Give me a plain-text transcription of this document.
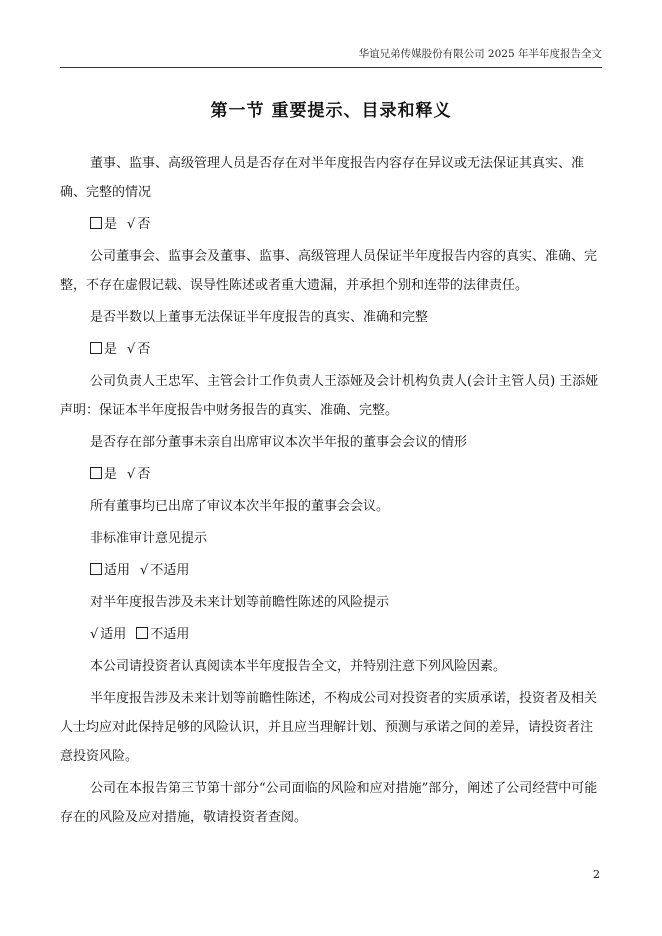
华谊兄弟传媒股份有限公司 2025 年半年度报告全文
第一节 重要提示、目录和释义

董事、监事、高级管理人员是否存在对半年度报告内容存在异议或无法保证其真实、准确、完整的情况

是 √ 否

公司董事会、监事会及董事、监事、高级管理人员保证半年度报告内容的真实、准确、完整，不存在虚假记载、误导性陈述或者重大遗漏，并承担个别和连带的法律责任。

是否半数以上董事无法保证半年度报告的真实、准确和完整

是 √ 否

公司负责人王忠军、主管会计工作负责人王添娅及会计机构负责人(会计主管人员) 王添娅声明：保证本半年度报告中财务报告的真实、准确、完整。

是否存在部分董事未亲自出席审议本次半年报的董事会会议的情形

是 √ 否

所有董事均已出席了审议本次半年报的董事会会议。

非标准审计意见提示

适用 √ 不适用

对半年度报告涉及未来计划等前瞻性陈述的风险提示

√ 适用 不适用

本公司请投资者认真阅读本半年度报告全文，并特别注意下列风险因素。

半年度报告涉及未来计划等前瞻性陈述，不构成公司对投资者的实质承诺，投资者及相关人士均应对此保持足够的风险认识，并且应当理解计划、预测与承诺之间的差异，请投资者注意投资风险。

公司在本报告第三节第十部分“公司面临的风险和应对措施”部分，阐述了公司经营中可能存在的风险及应对措施，敬请投资者查阅。

2
